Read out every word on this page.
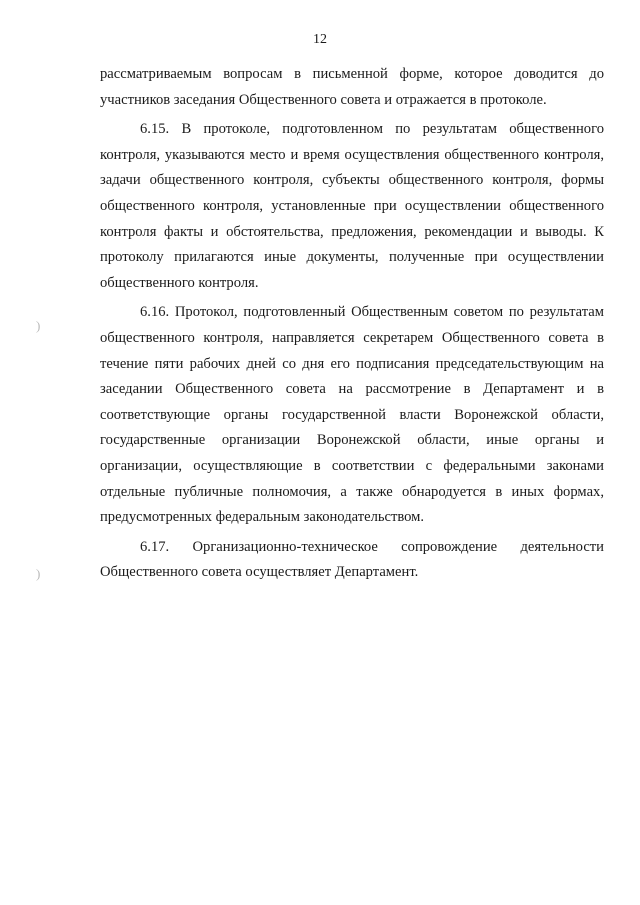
12
)
)

рассматриваемым вопросам в письменной форме, которое доводится до участников заседания Общественного совета и отражается в протоколе.

6.15. В протоколе, подготовленном по результатам общественного контроля, указываются место и время осуществления общественного контроля, задачи общественного контроля, субъекты общественного контроля, формы общественного контроля, установленные при осуществлении общественного контроля факты и обстоятельства, предложения, рекомендации и выводы. К протоколу прилагаются иные документы, полученные при осуществлении общественного контроля.

6.16. Протокол, подготовленный Общественным советом по результатам общественного контроля, направляется секретарем Общественного совета в течение пяти рабочих дней со дня его подписания председательствующим на заседании Общественного совета на рассмотрение в Департамент и в соответствующие органы государственной власти Воронежской области, государственные организации Воронежской области, иные органы и организации, осуществляющие в соответствии с федеральными законами отдельные публичные полномочия, а также обнародуется в иных формах, предусмотренных федеральным законодательством.

6.17. Организационно-техническое сопровождение деятельности Общественного совета осуществляет Департамент.
